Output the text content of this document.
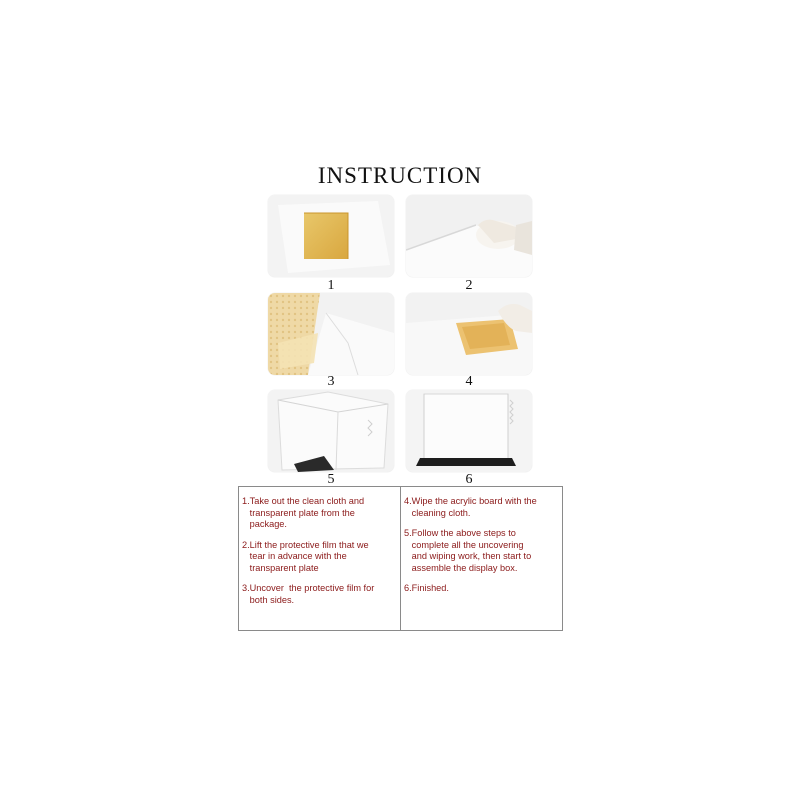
INSTRUCTION
1	2
3	4
5	6
1. Take out the clean cloth and
transparent plate from the
package.
2. Lift the protective film that we
tear in advance with the
transparent plate
3. Uncover  the protective film for
both sides.
4. Wipe the acrylic board with the
cleaning cloth.
5. Follow the above steps to
complete all the uncovering
and wiping work, then start to
assemble the display box.
6. Finished.
